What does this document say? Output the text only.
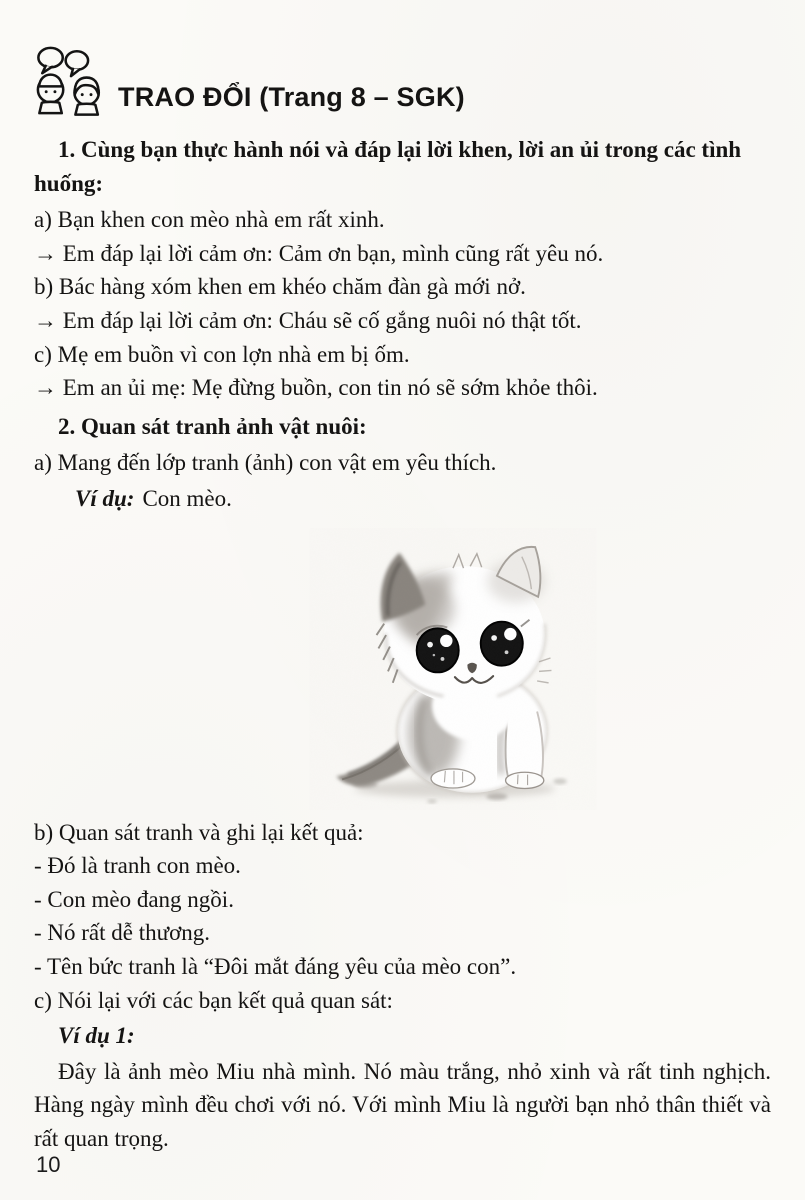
TRAO ĐỔI (Trang 8 – SGK)

1. Cùng bạn thực hành nói và đáp lại lời khen, lời an ủi trong các tình huống:

a) Bạn khen con mèo nhà em rất xinh.

→ Em đáp lại lời cảm ơn: Cảm ơn bạn, mình cũng rất yêu nó.

b) Bác hàng xóm khen em khéo chăm đàn gà mới nở.

→ Em đáp lại lời cảm ơn: Cháu sẽ cố gắng nuôi nó thật tốt.

c) Mẹ em buồn vì con lợn nhà em bị ốm.

→ Em an ủi mẹ: Mẹ đừng buồn, con tin nó sẽ sớm khỏe thôi.

2. Quan sát tranh ảnh vật nuôi:

a) Mang đến lớp tranh (ảnh) con vật em yêu thích.

Ví dụ: Con mèo.

b) Quan sát tranh và ghi lại kết quả:

- Đó là tranh con mèo.

- Con mèo đang ngồi.

- Nó rất dễ thương.

- Tên bức tranh là “Đôi mắt đáng yêu của mèo con”.

c) Nói lại với các bạn kết quả quan sát:

Ví dụ 1:

Đây là ảnh mèo Miu nhà mình. Nó màu trắng, nhỏ xinh và rất tinh nghịch. Hàng ngày mình đều chơi với nó. Với mình Miu là người bạn nhỏ thân thiết và rất quan trọng.

10
